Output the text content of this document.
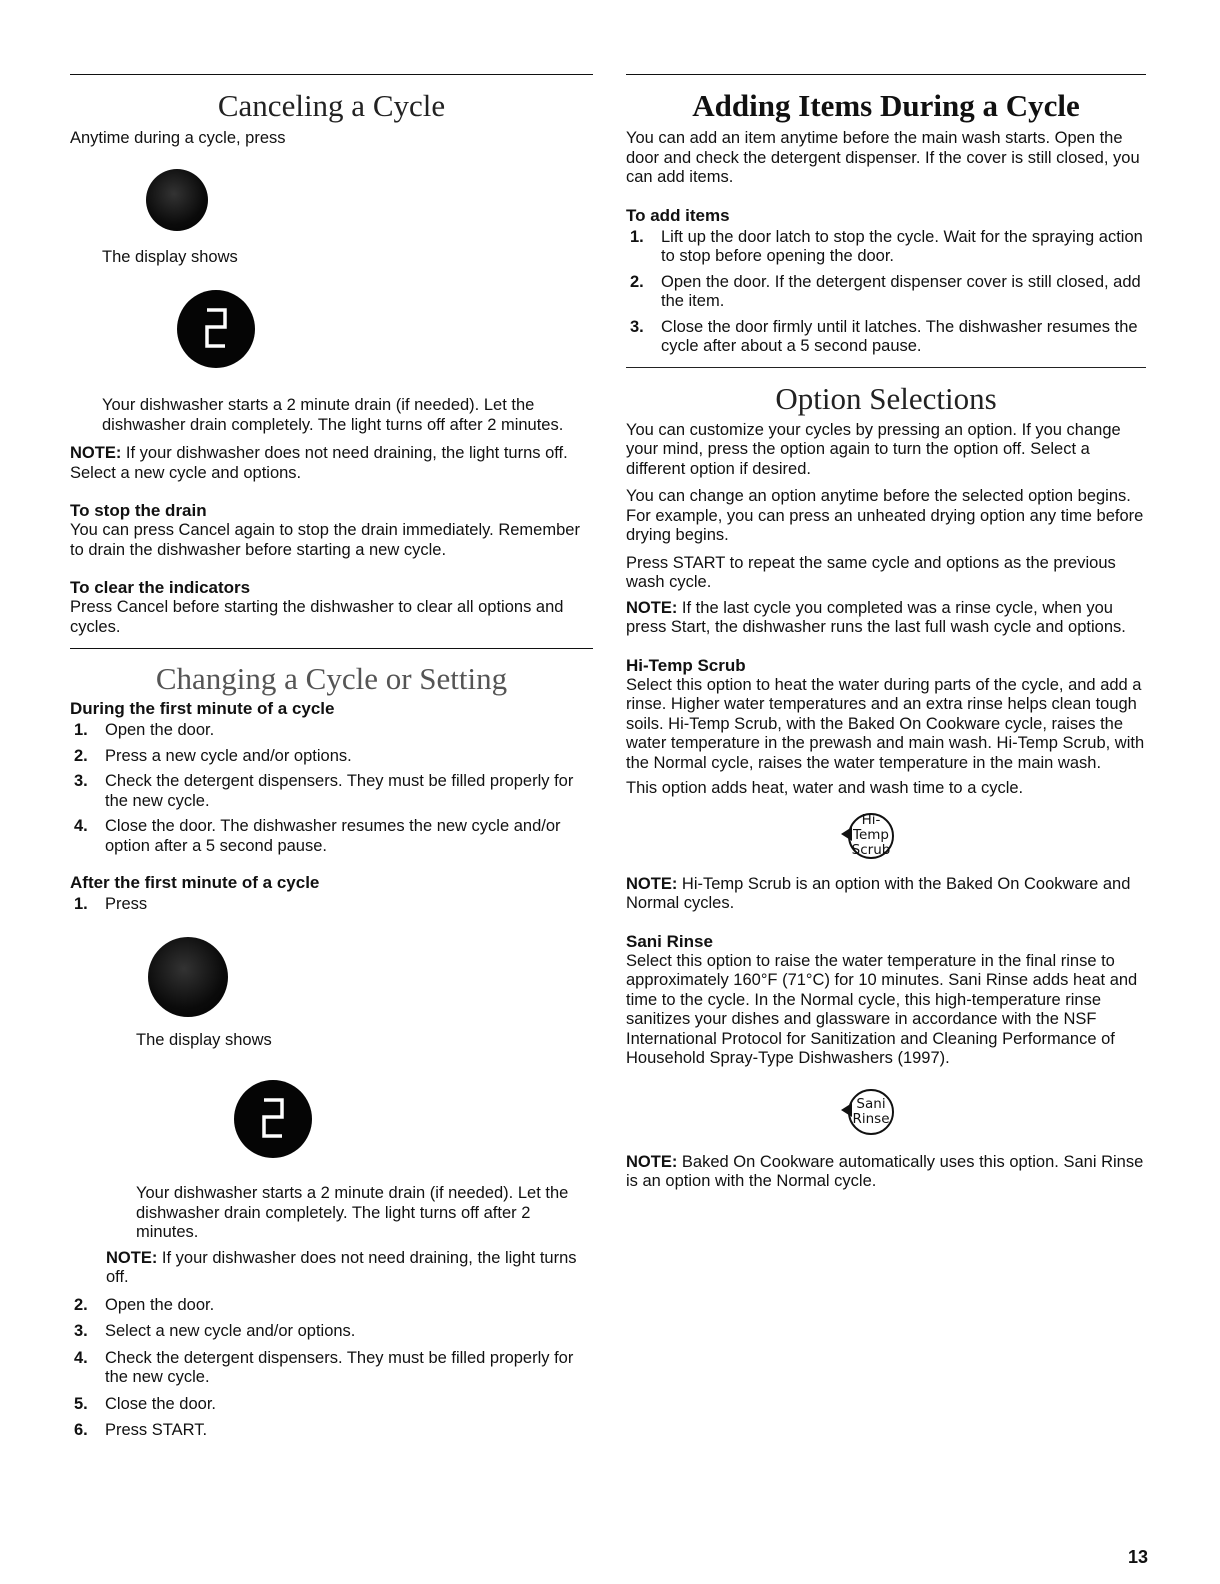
Canceling a Cycle

Anytime during a cycle, press

The display shows

Your dishwasher starts a 2 minute drain (if needed). Let the dishwasher drain completely. The light turns off after 2 minutes.

NOTE: If your dishwasher does not need draining, the light turns off. Select a new cycle and options.

To stop the drain

You can press Cancel again to stop the drain immediately. Remember to drain the dishwasher before starting a new cycle.

To clear the indicators

Press Cancel before starting the dishwasher to clear all options and cycles.

Changing a Cycle or Setting
During the first minute of a cycle
1. Open the door.
2. Press a new cycle and/or options.
3. Check the detergent dispensers. They must be filled properly for the new cycle.
4. Close the door. The dishwasher resumes the new cycle and/or option after a 5 second pause.
After the first minute of a cycle
1. Press

The display shows

Your dishwasher starts a 2 minute drain (if needed). Let the dishwasher drain completely. The light turns off after 2 minutes.

NOTE: If your dishwasher does not need draining, the light turns off.

2. Open the door.
3. Select a new cycle and/or options.
4. Check the detergent dispensers. They must be filled properly for the new cycle.
5. Close the door.
6. Press START.
Adding Items During a Cycle

You can add an item anytime before the main wash starts. Open the door and check the detergent dispenser. If the cover is still closed, you can add items.

To add items
1. Lift up the door latch to stop the cycle. Wait for the spraying action to stop before opening the door.
2. Open the door. If the detergent dispenser cover is still closed, add the item.
3. Close the door firmly until it latches. The dishwasher resumes the cycle after about a 5 second pause.
Option Selections

You can customize your cycles by pressing an option. If you change your mind, press the option again to turn the option off. Select a different option if desired.

You can change an option anytime before the selected option begins. For example, you can press an unheated drying option any time before drying begins.

Press START to repeat the same cycle and options as the previous wash cycle.

NOTE: If the last cycle you completed was a rinse cycle, when you press Start, the dishwasher runs the last full wash cycle and options.

Hi-Temp Scrub

Select this option to heat the water during parts of the cycle, and add a rinse. Higher water temperatures and an extra rinse helps clean tough soils. Hi-Temp Scrub, with the Baked On Cookware cycle, raises the water temperature in the prewash and main wash. Hi-Temp Scrub, with the Normal cycle, raises the water temperature in the main wash.

This option adds heat, water and wash time to a cycle.

Hi-Temp
Scrub

NOTE: Hi-Temp Scrub is an option with the Baked On Cookware and Normal cycles.

Sani Rinse

Select this option to raise the water temperature in the final rinse to approximately 160°F (71°C) for 10 minutes. Sani Rinse adds heat and time to the cycle. In the Normal cycle, this high-temperature rinse sanitizes your dishes and glassware in accordance with the NSF International Protocol for Sanitization and Cleaning Performance of Household Spray-Type Dishwashers (1997).

Sani
Rinse

NOTE: Baked On Cookware automatically uses this option. Sani Rinse is an option with the Normal cycle.

13
